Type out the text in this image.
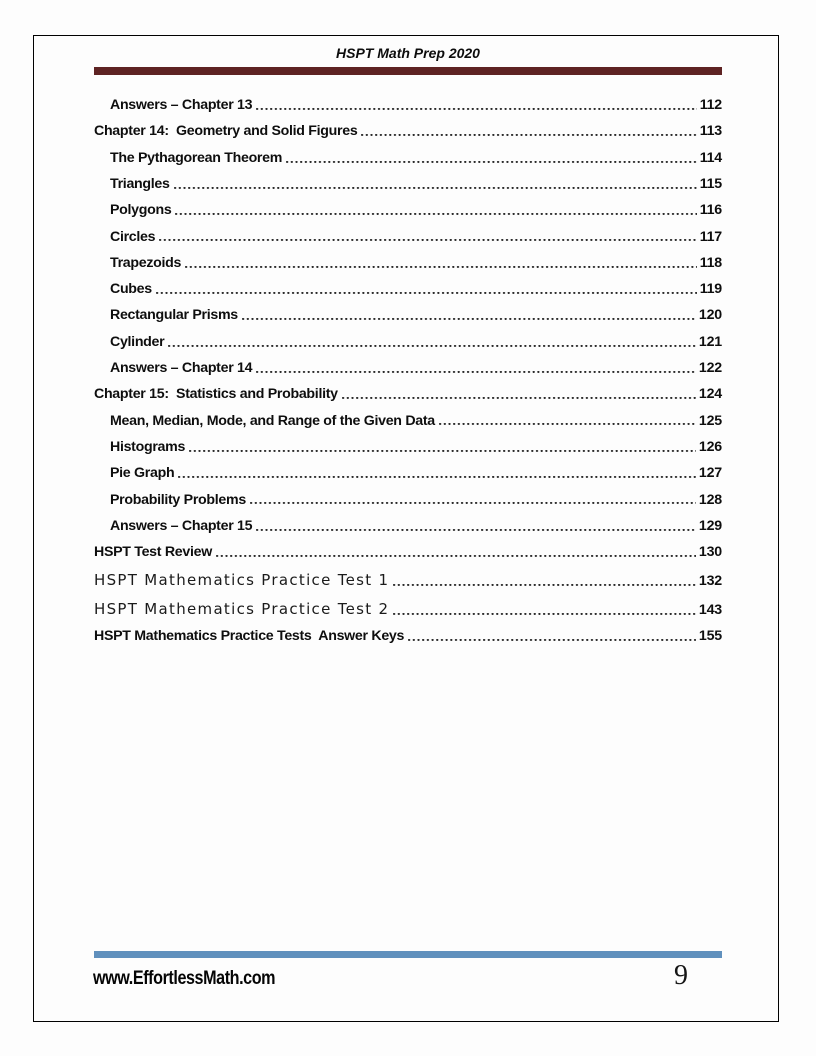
HSPT Math Prep 2020
Answers – Chapter 13	112
Chapter 14:  Geometry and Solid Figures	113
The Pythagorean Theorem	114
Triangles	115
Polygons	116
Circles	117
Trapezoids	118
Cubes	119
Rectangular Prisms	120
Cylinder	121
Answers – Chapter 14	122
Chapter 15:  Statistics and Probability	124
Mean, Median, Mode, and Range of the Given Data	125
Histograms	126
Pie Graph	127
Probability Problems	128
Answers – Chapter 15	129
HSPT Test Review	130
HSPT Mathematics Practice Test 1	132
HSPT Mathematics Practice Test 2	143
HSPT Mathematics Practice Tests  Answer Keys	155
www.EffortlessMath.com	9
